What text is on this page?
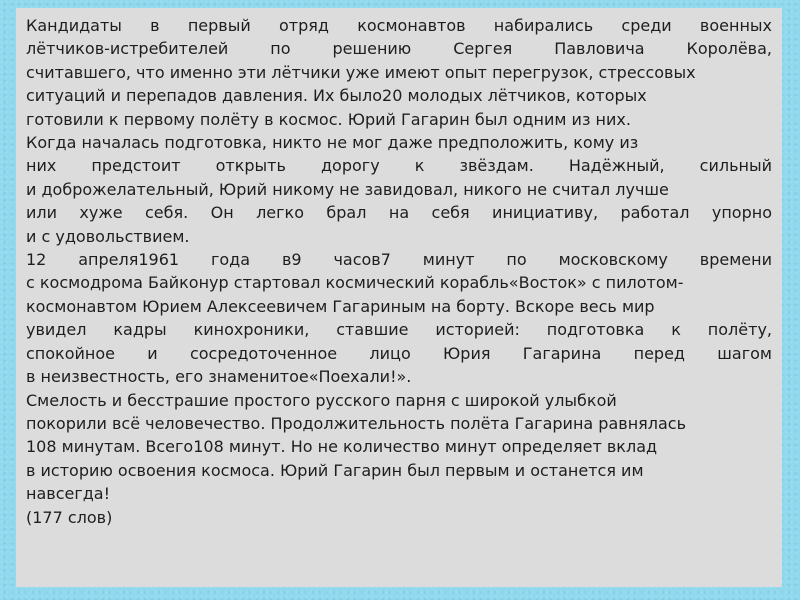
Кандидаты в первый отряд космонавтов набирались среди военных
лётчиков-истребителей по решению Сергея Павловича Королёва,
считавшего, что именно эти лётчики уже имеют опыт перегрузок, стрессовых
ситуаций и перепадов давления. Их было20 молодых лётчиков, которых
готовили к первому полёту в космос. Юрий Гагарин был одним из них.

Когда началась подготовка, никто не мог даже предположить, кому из
них предстоит открыть дорогу к звёздам. Надёжный, сильный
и доброжелательный, Юрий никому не завидовал, никого не считал лучше
или хуже себя. Он легко брал на себя инициативу, работал упорно
и с удовольствием.

12 апреля1961 года в9 часов7 минут по московскому времени
с космодрома Байконур стартовал космический корабль«Восток» с пилотом-
космонавтом Юрием Алексеевичем Гагариным на борту. Вскоре весь мир
увидел кадры кинохроники, ставшие историей: подготовка к полёту,
спокойное и сосредоточенное лицо Юрия Гагарина перед шагом
в неизвестность, его знаменитое«Поехали!».

Смелость и бесстрашие простого русского парня с широкой улыбкой
покорили всё человечество. Продолжительность полёта Гагарина равнялась
108 минутам. Всего108 минут. Но не количество минут определяет вклад
в историю освоения космоса. Юрий Гагарин был первым и останется им
навсегда!

(177 слов)
